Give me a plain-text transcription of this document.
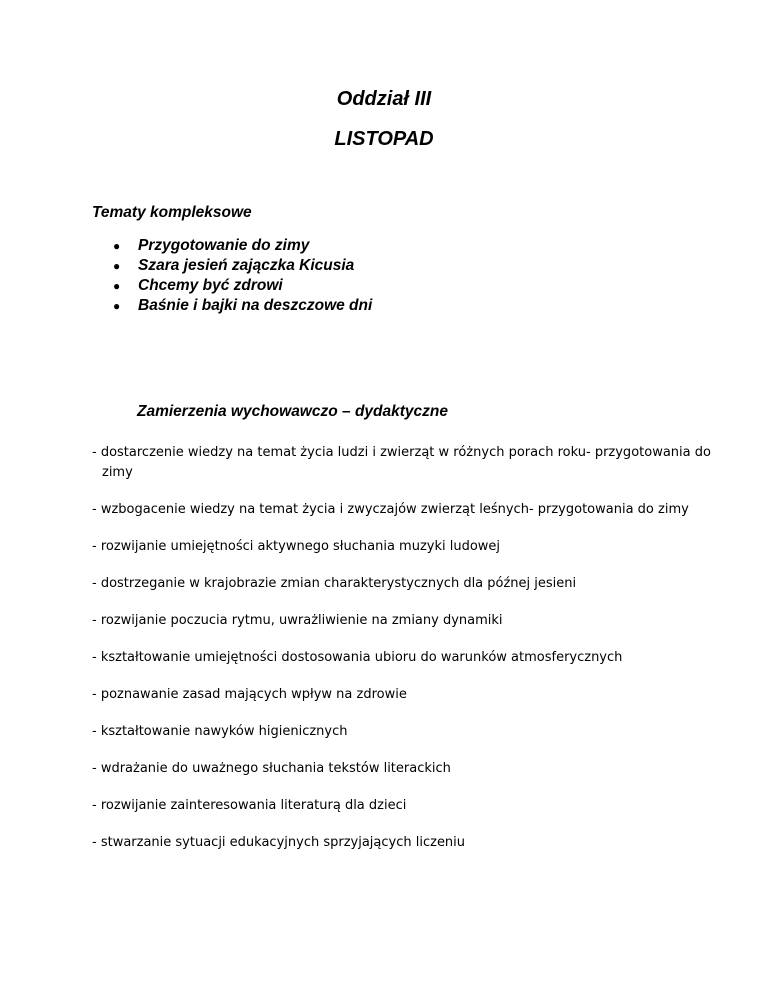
Oddział III
LISTOPAD
Tematy kompleksowe
●	Przygotowanie do zimy
●	Szara jesień zajączka Kicusia
●	Chcemy być zdrowi
●	Baśnie i bajki na deszczowe dni
Zamierzenia wychowawczo – dydaktyczne
- dostarczenie wiedzy na temat życia ludzi i zwierząt w różnych porach roku- przygotowania do zimy
- wzbogacenie wiedzy na temat życia i zwyczajów zwierząt leśnych- przygotowania do zimy
- rozwijanie umiejętności aktywnego słuchania muzyki ludowej
- dostrzeganie w krajobrazie zmian charakterystycznych dla późnej jesieni
- rozwijanie poczucia rytmu, uwrażliwienie na zmiany dynamiki
- kształtowanie umiejętności dostosowania ubioru do warunków atmosferycznych
- poznawanie zasad mających wpływ na zdrowie
- kształtowanie nawyków higienicznych
- wdrażanie do uważnego słuchania tekstów literackich
- rozwijanie zainteresowania literaturą dla dzieci
- stwarzanie sytuacji edukacyjnych sprzyjających liczeniu
